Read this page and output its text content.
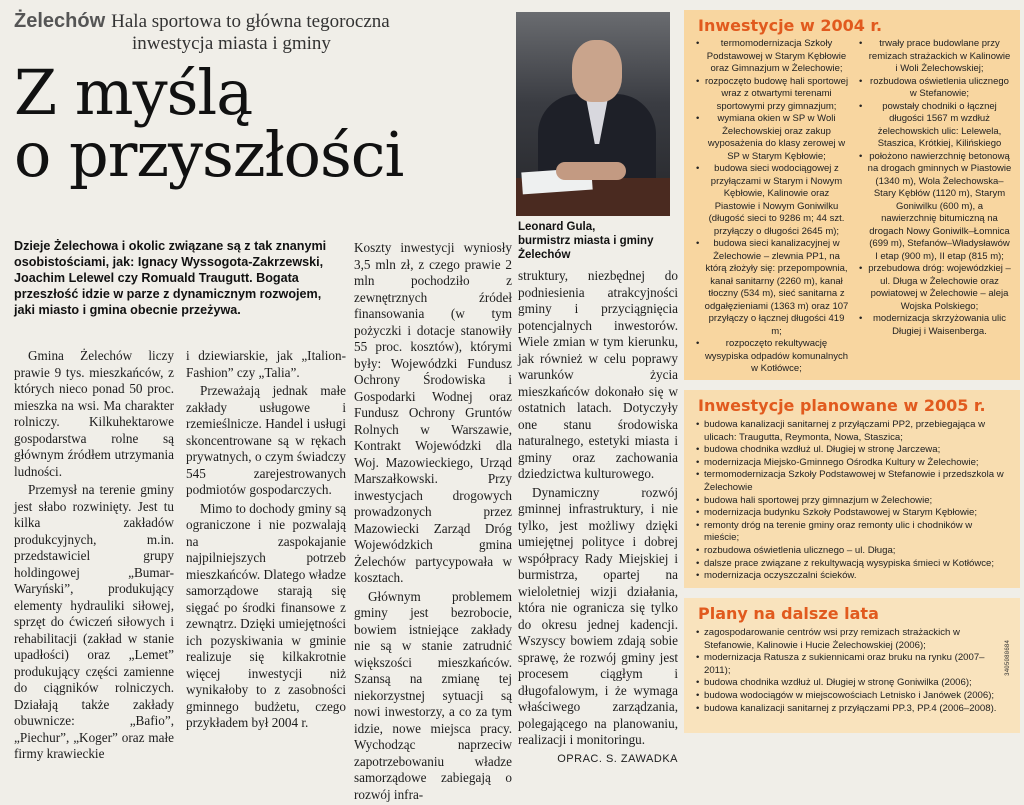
Żelechów Hala sportowa to główna tegoroczna
inwestycja miasta i gminy
Z myślą
o przyszłości
Dzieje Żelechowa i okolic związane są z tak znanymi osobistościami, jak: Ignacy Wyssogota-Zakrzewski, Joachim Lelewel czy Romuald Traugutt. Bogata przeszłość idzie w parze z dynamicznym rozwojem, jaki miasto i gmina obecnie przeżywa.

Gmina Żelechów liczy prawie 9 tys. mieszkańców, z których nieco ponad 50 proc. mieszka na wsi. Ma charakter rolniczy. Kilkuhektarowe gospodarstwa rolne są głównym źródłem utrzymania ludności.

Przemysł na terenie gminy jest słabo rozwinięty. Jest tu kilka zakładów produkcyjnych, m.in. przedstawiciel grupy holdingowej „Bumar-Waryński”, produkujący elementy hydrauliki siłowej, sprzęt do ćwiczeń siłowych i rehabilitacji (zakład w stanie upadłości) oraz „Lemet” produkujący części zamienne do ciągników rolniczych. Działają także zakłady obuwnicze: „Bafio”, „Piechur”, „Koger” oraz małe firmy krawieckie

i dziewiarskie, jak „Italion-Fashion” czy „Talia”.

Przeważają jednak małe zakłady usługowe i rzemieślnicze. Handel i usługi skoncentrowane są w rękach prywatnych, o czym świadczy 545 zarejestrowanych podmiotów gospodarczych.

Mimo to dochody gminy są ograniczone i nie pozwalają na zaspokajanie najpilniejszych potrzeb mieszkańców. Dlatego władze samorządowe starają się sięgać po środki finansowe z zewnątrz. Dzięki umiejętności ich pozyskiwania w gminie realizuje się kilkakrotnie więcej inwestycji niż wynikałoby to z zasobności gminnego budżetu, czego przykładem był 2004 r.

Koszty inwestycji wyniosły 3,5 mln zł, z czego prawie 2 mln pochodziło z zewnętrznych źródeł finansowania (w tym pożyczki i dotacje stanowiły 55 proc. kosztów), którymi były: Wojewódzki Fundusz Ochrony Środowiska i Gospodarki Wodnej oraz Fundusz Ochrony Gruntów Rolnych w Warszawie, Kontrakt Wojewódzki dla Woj. Mazowieckiego, Urząd Marszałkowski. Przy inwestycjach drogowych prowadzonych przez Mazowiecki Zarząd Dróg Wojewódzkich gmina Żelechów partycypowała w kosztach.

Głównym problemem gminy jest bezrobocie, bowiem istniejące zakłady nie są w stanie zatrudnić większości mieszkańców. Szansą na zmianę tej niekorzystnej sytuacji są nowi inwestorzy, a co za tym idzie, nowe miejsca pracy. Wychodząc naprzeciw zapotrzebowaniu władze samorządowe zabiegają o rozwój infra-

struktury, niezbędnej do podniesienia atrakcyjności gminy i przyciągnięcia potencjalnych inwestorów. Wiele zmian w tym kierunku, jak również w celu poprawy warunków życia mieszkańców dokonało się w ostatnich latach. Dotyczyły one stanu środowiska naturalnego, estetyki miasta i gminy oraz zachowania dziedzictwa kulturowego.

Dynamiczny rozwój gminnej infrastruktury, i nie tylko, jest możliwy dzięki umiejętnej polityce i dobrej współpracy Rady Miejskiej i burmistrza, opartej na wieloletniej wizji działania, która nie ogranicza się tylko do okresu jednej kadencji. Wszyscy bowiem zdają sobie sprawę, że rozwój gminy jest procesem ciągłym i długofalowym, i że wymaga właściwego zarządzania, polegającego na planowaniu, realizacji i monitoringu.

OPRAC. S. ZAWADKA
Leonard Gula,
burmistrz miasta i gminy
Żelechów
Inwestycje w 2004 r.
• termomodernizacja Szkoły Podstawowej w Starym Kębłowie oraz Gimnazjum w Żelechowie;
• rozpoczęto budowę hali sportowej wraz z otwartymi terenami sportowymi przy gimnazjum;
• wymiana okien w SP w Woli Żelechowskiej oraz zakup wyposażenia do klasy zerowej w SP w Starym Kębłowie;
• budowa sieci wodociągowej z przyłączami w Starym i Nowym Kębłowie, Kalinowie oraz Piastowie i Nowym Goniwilku (długość sieci to 9286 m; 44 szt. przyłączy o długości 2645 m);
• budowa sieci kanalizacyjnej w Żelechowie – zlewnia PP1, na którą złożyły się: przepompownia, kanał sanitarny (2260 m), kanał tłoczny (534 m), sieć sanitarna z odgałęzieniami (1363 m) oraz 107 przyłączy o łącznej długości 419 m;
• rozpoczęto rekultywację wysypiska odpadów komunalnych w Kotłówce;
• trwały prace budowlane przy remizach strażackich w Kalinowie i Woli Żelechowskiej;
• rozbudowa oświetlenia ulicznego w Stefanowie;
• powstały chodniki o łącznej długości 1567 m wzdłuż żelechowskich ulic: Lelewela, Staszica, Krótkiej, Kilińskiego
• położono nawierzchnię betonową na drogach gminnych w Piastowie (1340 m), Wola Żelechowska–Stary Kębłów (1120 m), Starym Goniwilku (600 m), a nawierzchnię bitumiczną na drogach Nowy Goniwilk–Łomnica (699 m), Stefanów–Władysławów I etap (900 m), II etap (815 m);
• przebudowa dróg: wojewódzkiej – ul. Długa w Żelechowie oraz powiatowej w Żelechowie – aleja Wojska Polskiego;
• modernizacja skrzyżowania ulic Długiej i Waisenberga.
Inwestycje planowane w 2005 r.
• budowa kanalizacji sanitarnej z przyłączami PP2, przebiegająca w ulicach: Traugutta, Reymonta, Nowa, Staszica;
• budowa chodnika wzdłuż ul. Długiej w stronę Jarczewa;
• modernizacja Miejsko-Gminnego Ośrodka Kultury w Żelechowie;
• termomodernizacja Szkoły Podstawowej w Stefanowie i przedszkola w Żelechowie
• budowa hali sportowej przy gimnazjum w Żelechowie;
• modernizacja budynku Szkoły Podstawowej w Starym Kębłowie;
• remonty dróg na terenie gminy oraz remonty ulic i chodników w mieście;
• rozbudowa oświetlenia ulicznego – ul. Długa;
• dalsze prace związane z rekultywacją wysypiska śmieci w Kotłówce;
• modernizacja oczyszczalni ścieków.
Plany na dalsze lata
• zagospodarowanie centrów wsi przy remizach strażackich w Stefanowie, Kalinowie i Hucie Żelechowskiej (2006);
• modernizacja Ratusza z sukiennicami oraz bruku na rynku (2007–2011);
• budowa chodnika wzdłuż ul. Długiej w stronę Goniwilka (2006);
• budowa wodociągów w miejscowościach Letnisko i Janówek (2006);
• budowa kanalizacji sanitarnej z przyłączami PP.3, PP.4 (2006–2008).
3405080684
